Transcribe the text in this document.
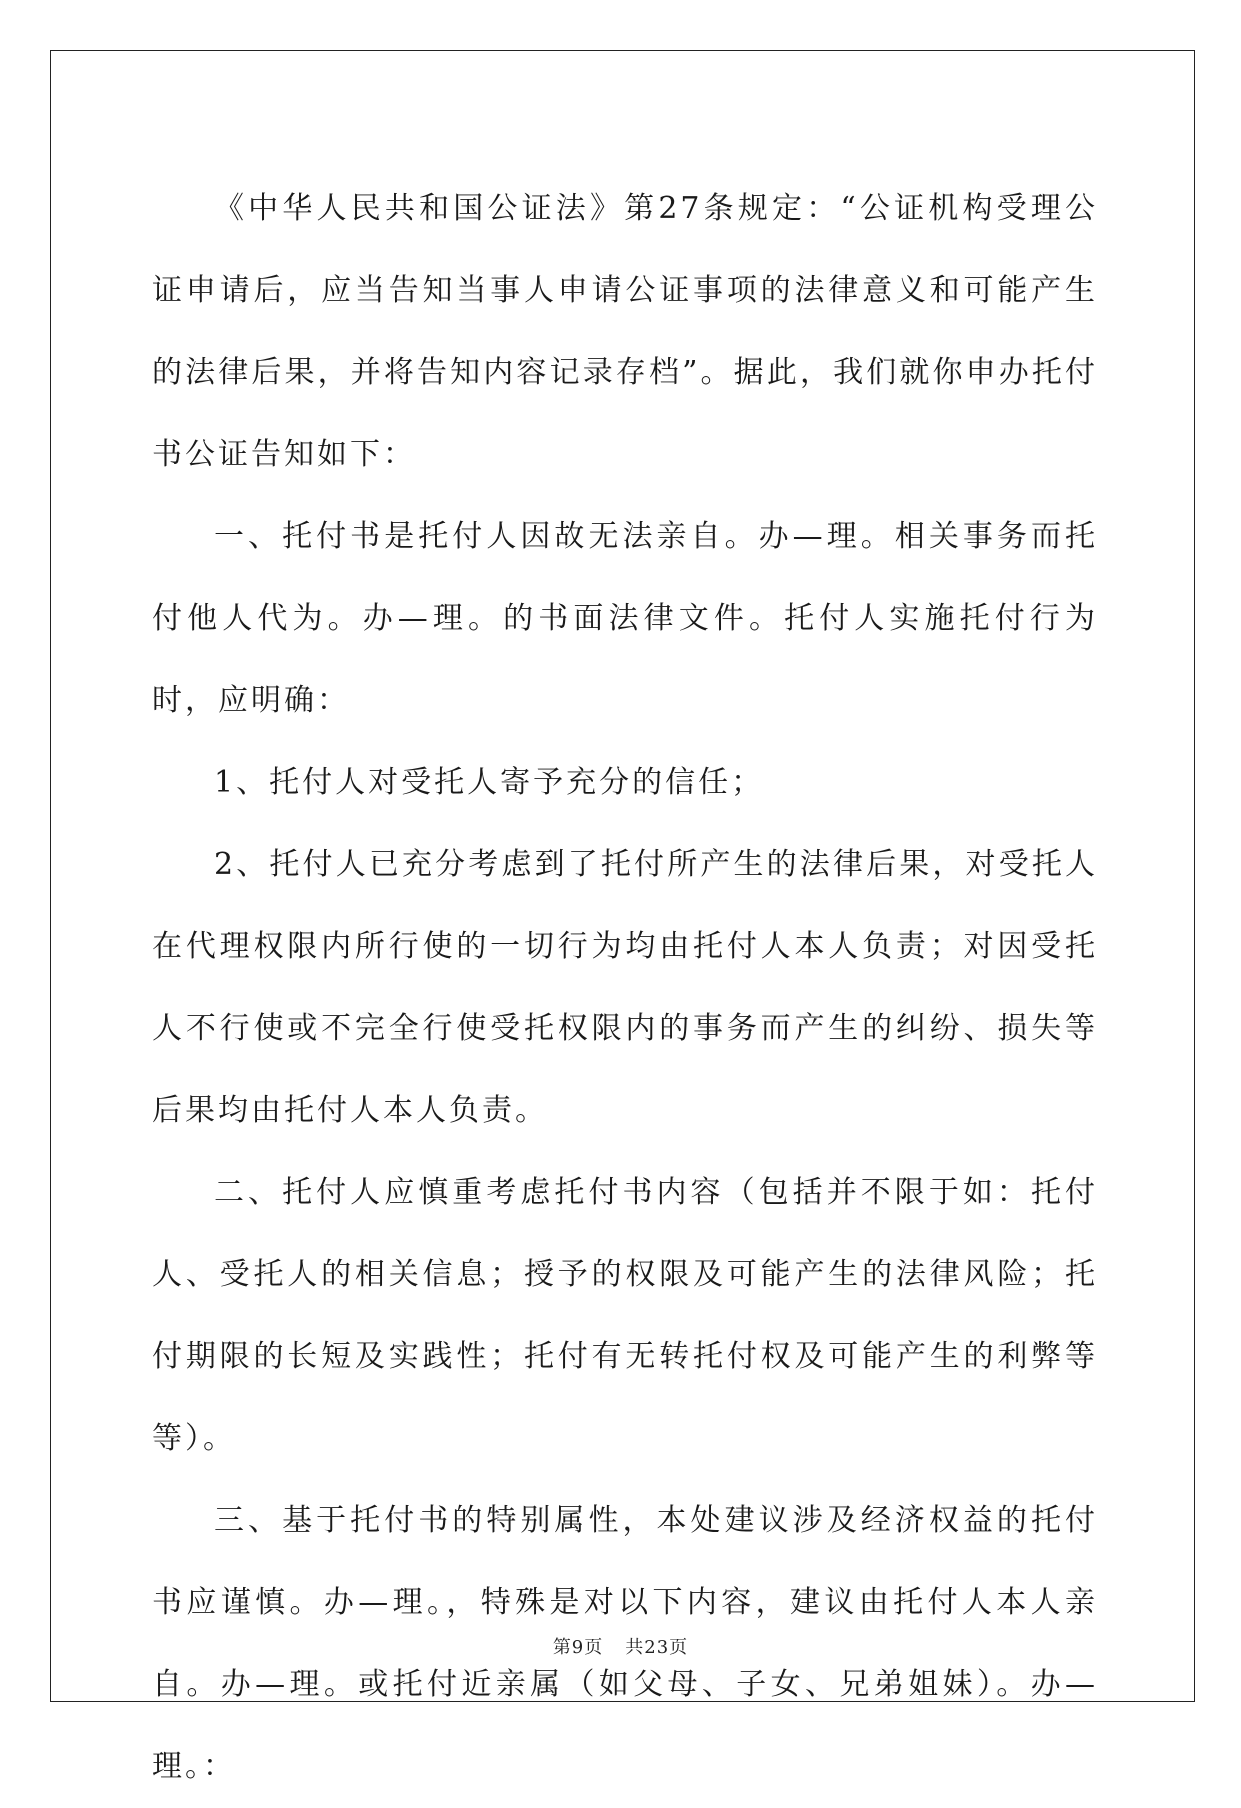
《中华人民共和国公证法》第27条规定：“公证机构受理公证申请后，应当告知当事人申请公证事项的法律意义和可能产生的法律后果，并将告知内容记录存档”。据此，我们就你申办托付书公证告知如下：

一、托付书是托付人因故无法亲自。办—理。相关事务而托付他人代为。办—理。的书面法律文件。托付人实施托付行为时，应明确：

1、托付人对受托人寄予充分的信任；

2、托付人已充分考虑到了托付所产生的法律后果，对受托人在代理权限内所行使的一切行为均由托付人本人负责；对因受托人不行使或不完全行使受托权限内的事务而产生的纠纷、损失等后果均由托付人本人负责。

二、托付人应慎重考虑托付书内容（包括并不限于如：托付人、受托人的相关信息；授予的权限及可能产生的法律风险；托付期限的长短及实践性；托付有无转托付权及可能产生的利弊等等）。

三、基于托付书的特别属性，本处建议涉及经济权益的托付书应谨慎。办—理。，特殊是对以下内容，建议由托付人本人亲自。办—理。或托付近亲属（如父母、子女、兄弟姐妹）。办—理。：

第9页 共23页
